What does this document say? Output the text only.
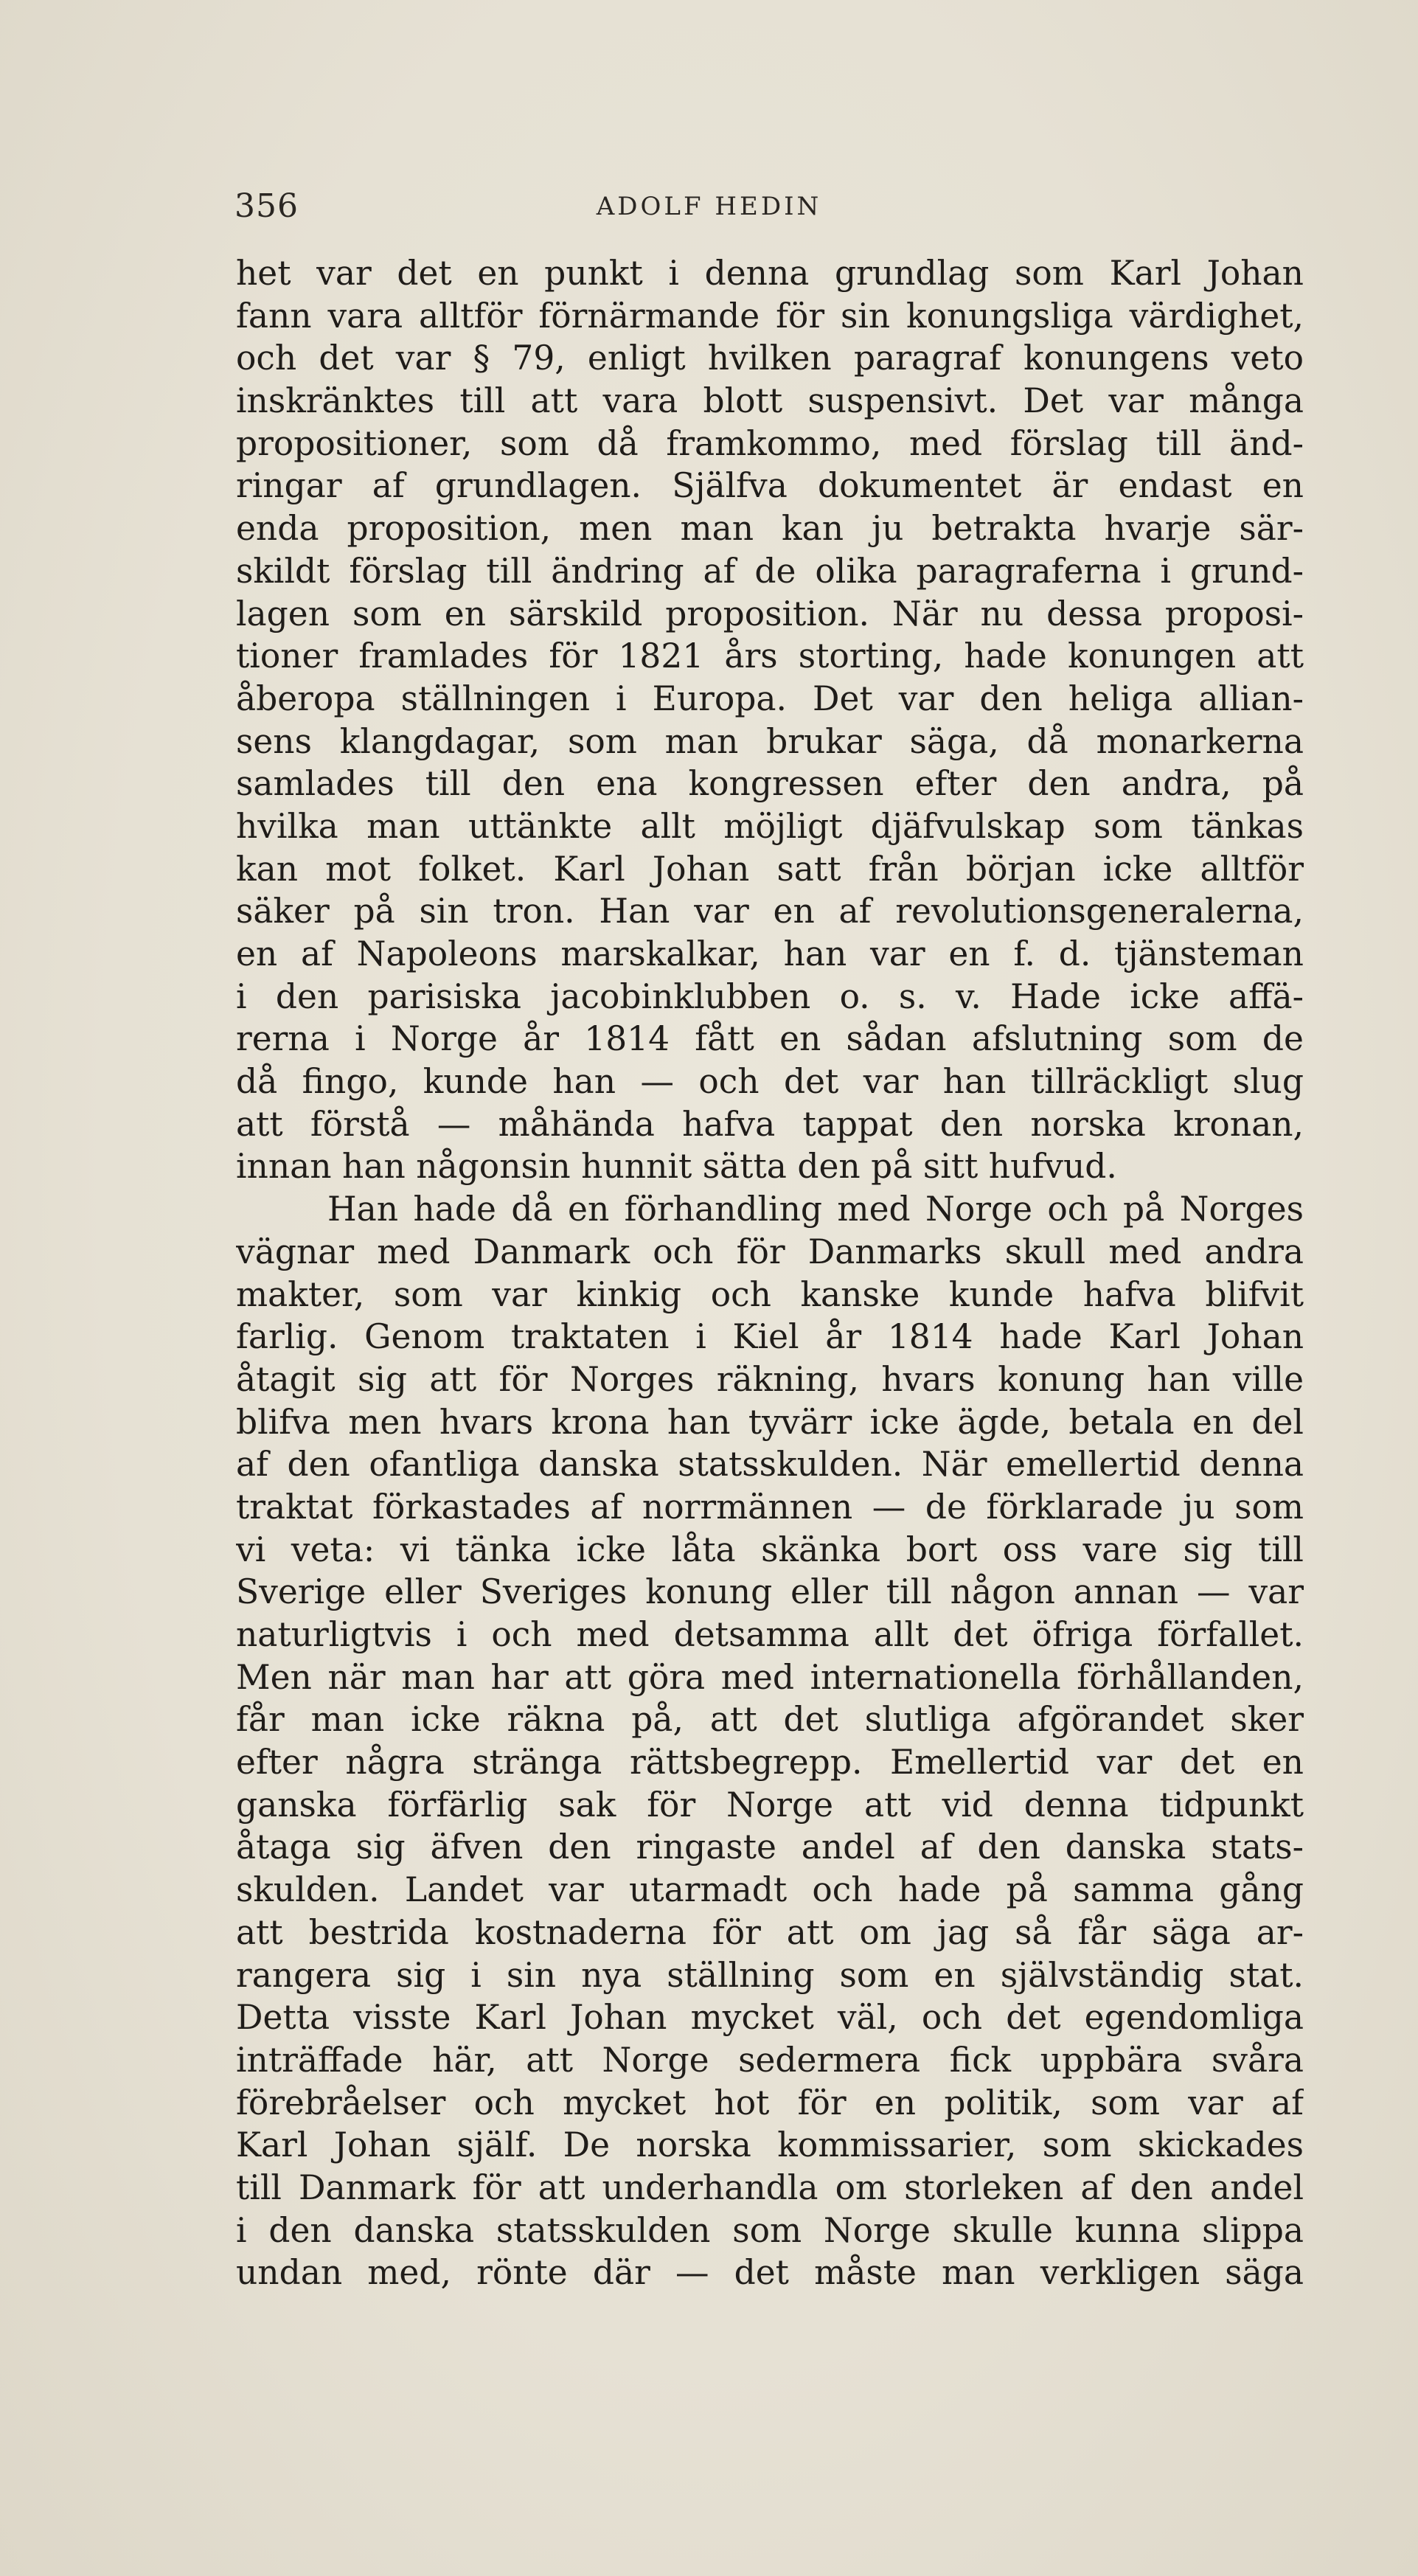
356	ADOLF HEDIN
het var det en punkt i denna grundlag som Karl Johan
fann vara alltför förnärmande för sin konungsliga värdighet,
och det var § 79, enligt hvilken paragraf konungens veto
inskränktes till att vara blott suspensivt. Det var många
propositioner, som då framkommo, med förslag till änd-
ringar af grundlagen. Själfva dokumentet är endast en
enda proposition, men man kan ju betrakta hvarje sär-
skildt förslag till ändring af de olika paragraferna i grund-
lagen som en särskild proposition. När nu dessa proposi-
tioner framlades för 1821 års storting, hade konungen att
åberopa ställningen i Europa. Det var den heliga allian-
sens klangdagar, som man brukar säga, då monarkerna
samlades till den ena kongressen efter den andra, på
hvilka man uttänkte allt möjligt djäfvulskap som tänkas
kan mot folket. Karl Johan satt från början icke alltför
säker på sin tron. Han var en af revolutionsgeneralerna,
en af Napoleons marskalkar, han var en f. d. tjänsteman
i den parisiska jacobinklubben o. s. v. Hade icke affä-
rerna i Norge år 1814 fått en sådan afslutning som de
då fingo, kunde han — och det var han tillräckligt slug
att förstå — måhända hafva tappat den norska kronan,
innan han någonsin hunnit sätta den på sitt hufvud.
Han hade då en förhandling med Norge och på Norges
vägnar med Danmark och för Danmarks skull med andra
makter, som var kinkig och kanske kunde hafva blifvit
farlig. Genom traktaten i Kiel år 1814 hade Karl Johan
åtagit sig att för Norges räkning, hvars konung han ville
blifva men hvars krona han tyvärr icke ägde, betala en del
af den ofantliga danska statsskulden. När emellertid denna
traktat förkastades af norrmännen — de förklarade ju som
vi veta: vi tänka icke låta skänka bort oss vare sig till
Sverige eller Sveriges konung eller till någon annan — var
naturligtvis i och med detsamma allt det öfriga förfallet.
Men när man har att göra med internationella förhållanden,
får man icke räkna på, att det slutliga afgörandet sker
efter några stränga rättsbegrepp. Emellertid var det en
ganska förfärlig sak för Norge att vid denna tidpunkt
åtaga sig äfven den ringaste andel af den danska stats-
skulden. Landet var utarmadt och hade på samma gång
att bestrida kostnaderna för att om jag så får säga ar-
rangera sig i sin nya ställning som en självständig stat.
Detta visste Karl Johan mycket väl, och det egendomliga
inträffade här, att Norge sedermera fick uppbära svåra
förebråelser och mycket hot för en politik, som var af
Karl Johan själf. De norska kommissarier, som skickades
till Danmark för att underhandla om storleken af den andel
i den danska statsskulden som Norge skulle kunna slippa
undan med, rönte där — det måste man verkligen säga
